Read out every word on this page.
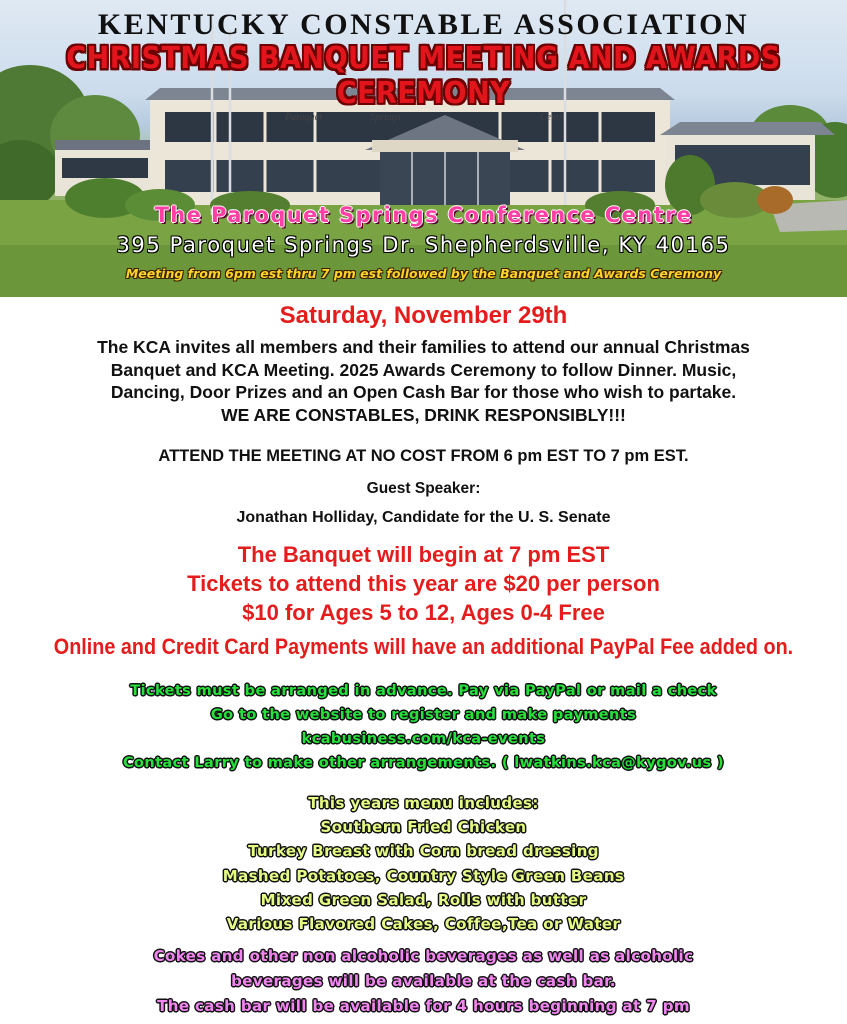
Paroquet	Springs	Centre
KENTUCKY CONSTABLE ASSOCIATION
CHRISTMAS BANQUET MEETING AND AWARDS CEREMONY
The Paroquet Springs Conference Centre
395 Paroquet Springs Dr. Shepherdsville, KY 40165
Meeting from 6pm est thru 7 pm est followed by the Banquet and Awards Ceremony
Saturday, November 29th
The KCA invites all members and their families to attend our annual Christmas
Banquet and KCA Meeting. 2025 Awards Ceremony to follow Dinner. Music,
Dancing, Door Prizes and an Open Cash Bar for those who wish to partake.
WE ARE CONSTABLES, DRINK RESPONSIBLY!!!
ATTEND THE MEETING AT NO COST FROM 6 pm EST TO 7 pm EST.
Guest Speaker:
Jonathan Holliday, Candidate for the U. S. Senate
The Banquet will begin at 7 pm EST
Tickets to attend this year are $20 per person
$10 for Ages 5 to 12, Ages 0-4 Free
Online and Credit Card Payments will have an additional PayPal Fee added on.
Tickets must be arranged in advance. Pay via PayPal or mail a check
Go to the website to register and make payments
kcabusiness.com/kca-events
Contact Larry to make other arrangements. ( lwatkins.kca@kygov.us )
This years menu includes:
Southern Fried Chicken
Turkey Breast with Corn bread dressing
Mashed Potatoes, Country Style Green Beans
Mixed Green Salad, Rolls with butter
Various Flavored Cakes, Coffee,Tea or Water
Cokes and other non alcoholic beverages as well as alcoholic
beverages will be available at the cash bar.
The cash bar will be available for 4 hours beginning at 7 pm
